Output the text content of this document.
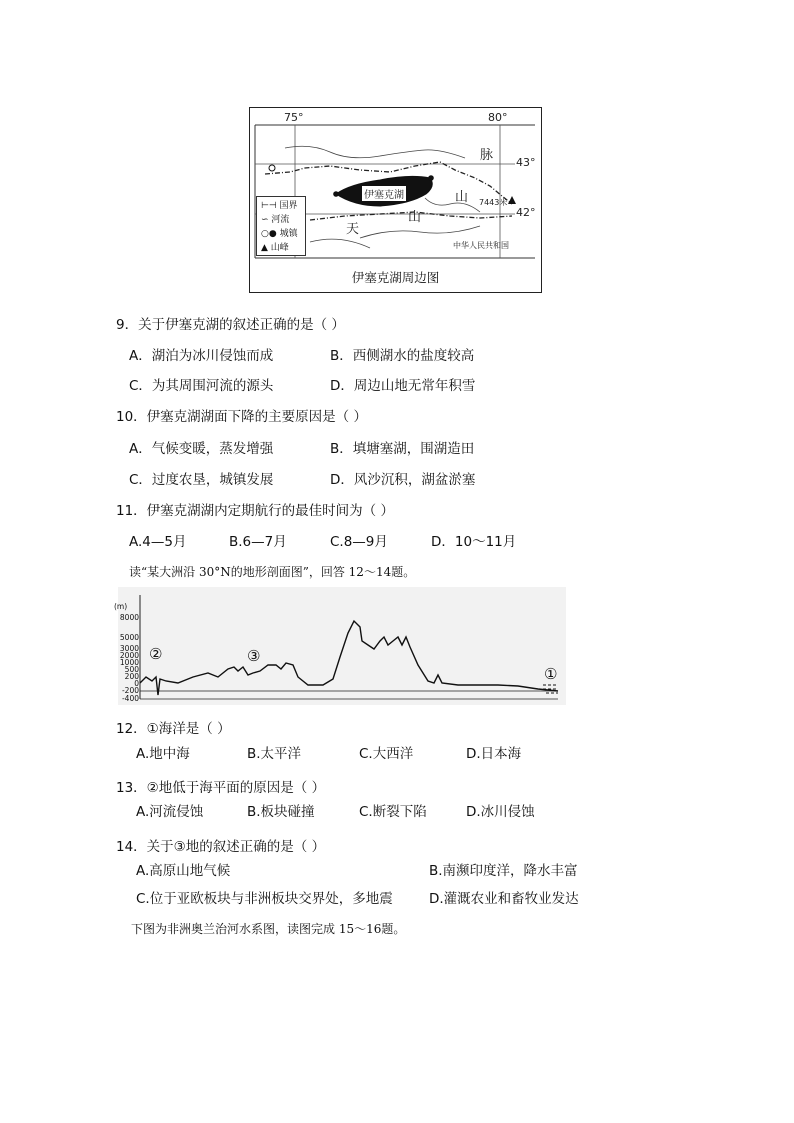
75°	80°
43°
42°
伊塞克湖
天
山
山
脉
7443米
中华人民共和国
⊢⊣ 国界
∽ 河流
○● 城镇
▲ 山峰
伊塞克湖周边图
9．关于伊塞克湖的叙述正确的是（ ）
A．湖泊为冰川侵蚀而成	B．西侧湖水的盐度较高
C．为其周围河流的源头	D．周边山地无常年积雪
10．伊塞克湖湖面下降的主要原因是（ ）
A．气候变暖，蒸发增强	B．填塘塞湖，围湖造田
C．过度农垦，城镇发展	D．风沙沉积，湖盆淤塞
11．伊塞克湖湖内定期航行的最佳时间为（ ）
A.4—5月	B.6—7月	C.8—9月	D．10～11月
读“某大洲沿 30°N的地形剖面图”，回答 12～14题。
(m)
8000
5000
3000
2000
1000
500
200
0
-200
-400
②	③
①
12．①海洋是（ ）
A.地中海	B.太平洋	C.大西洋	D.日本海
13．②地低于海平面的原因是（ ）
A.河流侵蚀	B.板块碰撞	C.断裂下陷	D.冰川侵蚀
14．关于③地的叙述正确的是（ ）
A.高原山地气候	B.南濒印度洋，降水丰富
C.位于亚欧板块与非洲板块交界处，多地震	D.灌溉农业和畜牧业发达
下图为非洲奥兰治河水系图，读图完成 15～16题。
